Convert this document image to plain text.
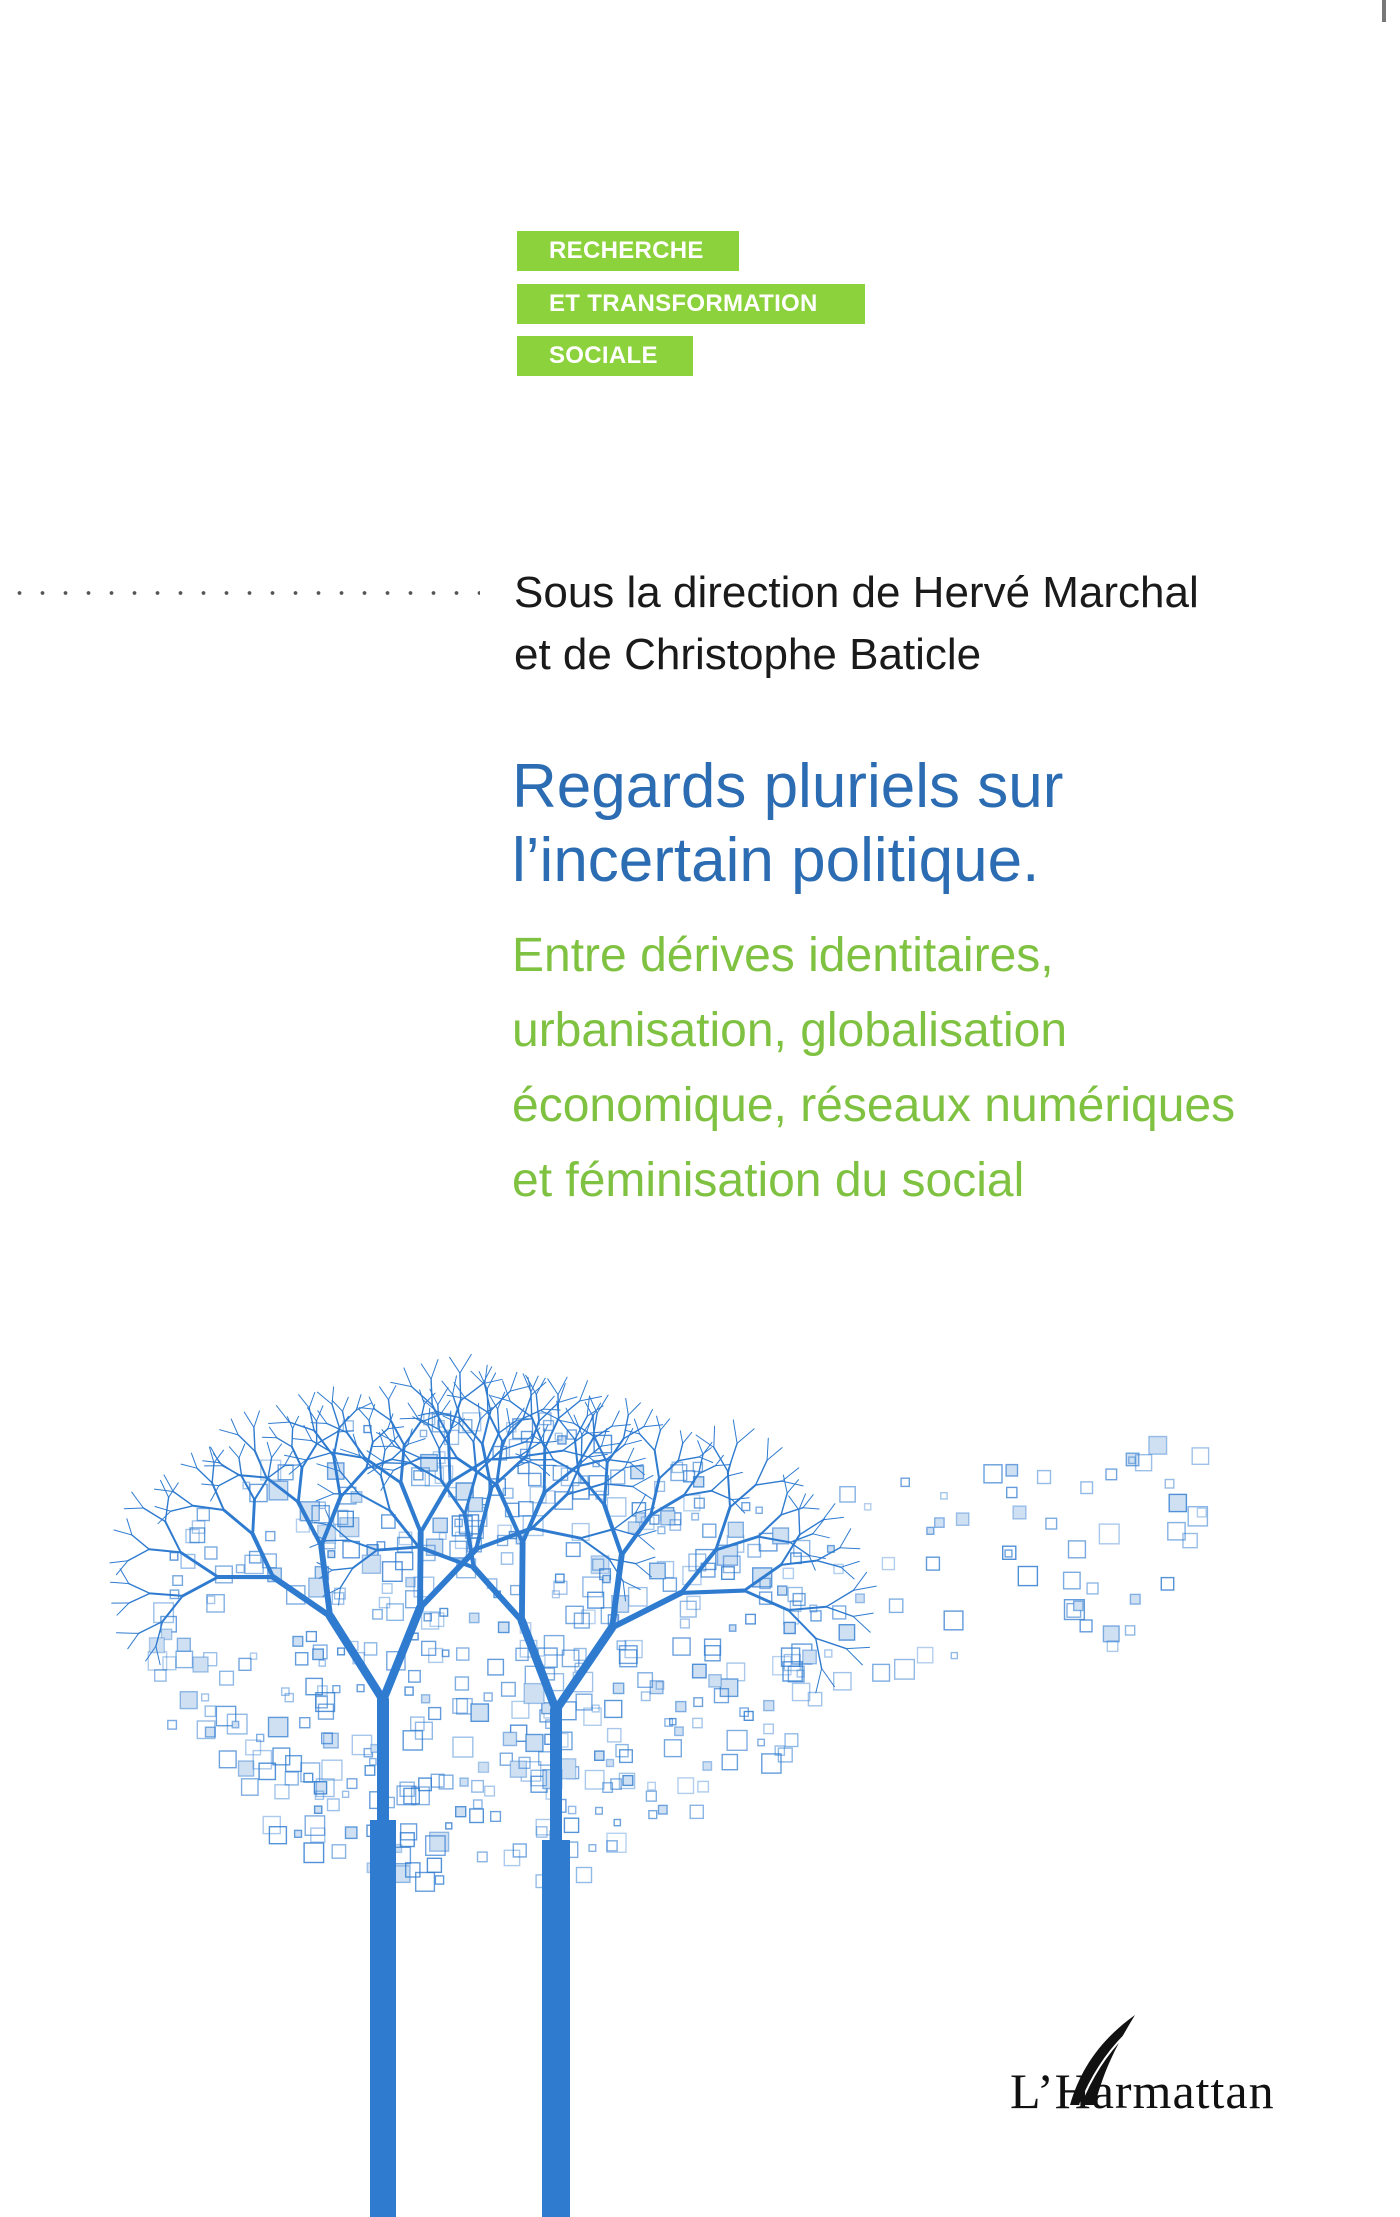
RECHERCHE
ET TRANSFORMATION
SOCIALE
Sous la direction de Hervé Marchal
et de Christophe Baticle
Regards pluriels sur
l’incertain politique.
Entre dérives identitaires,
urbanisation, globalisation
économique, réseaux numériques
et féminisation du social
L’Harmattan
